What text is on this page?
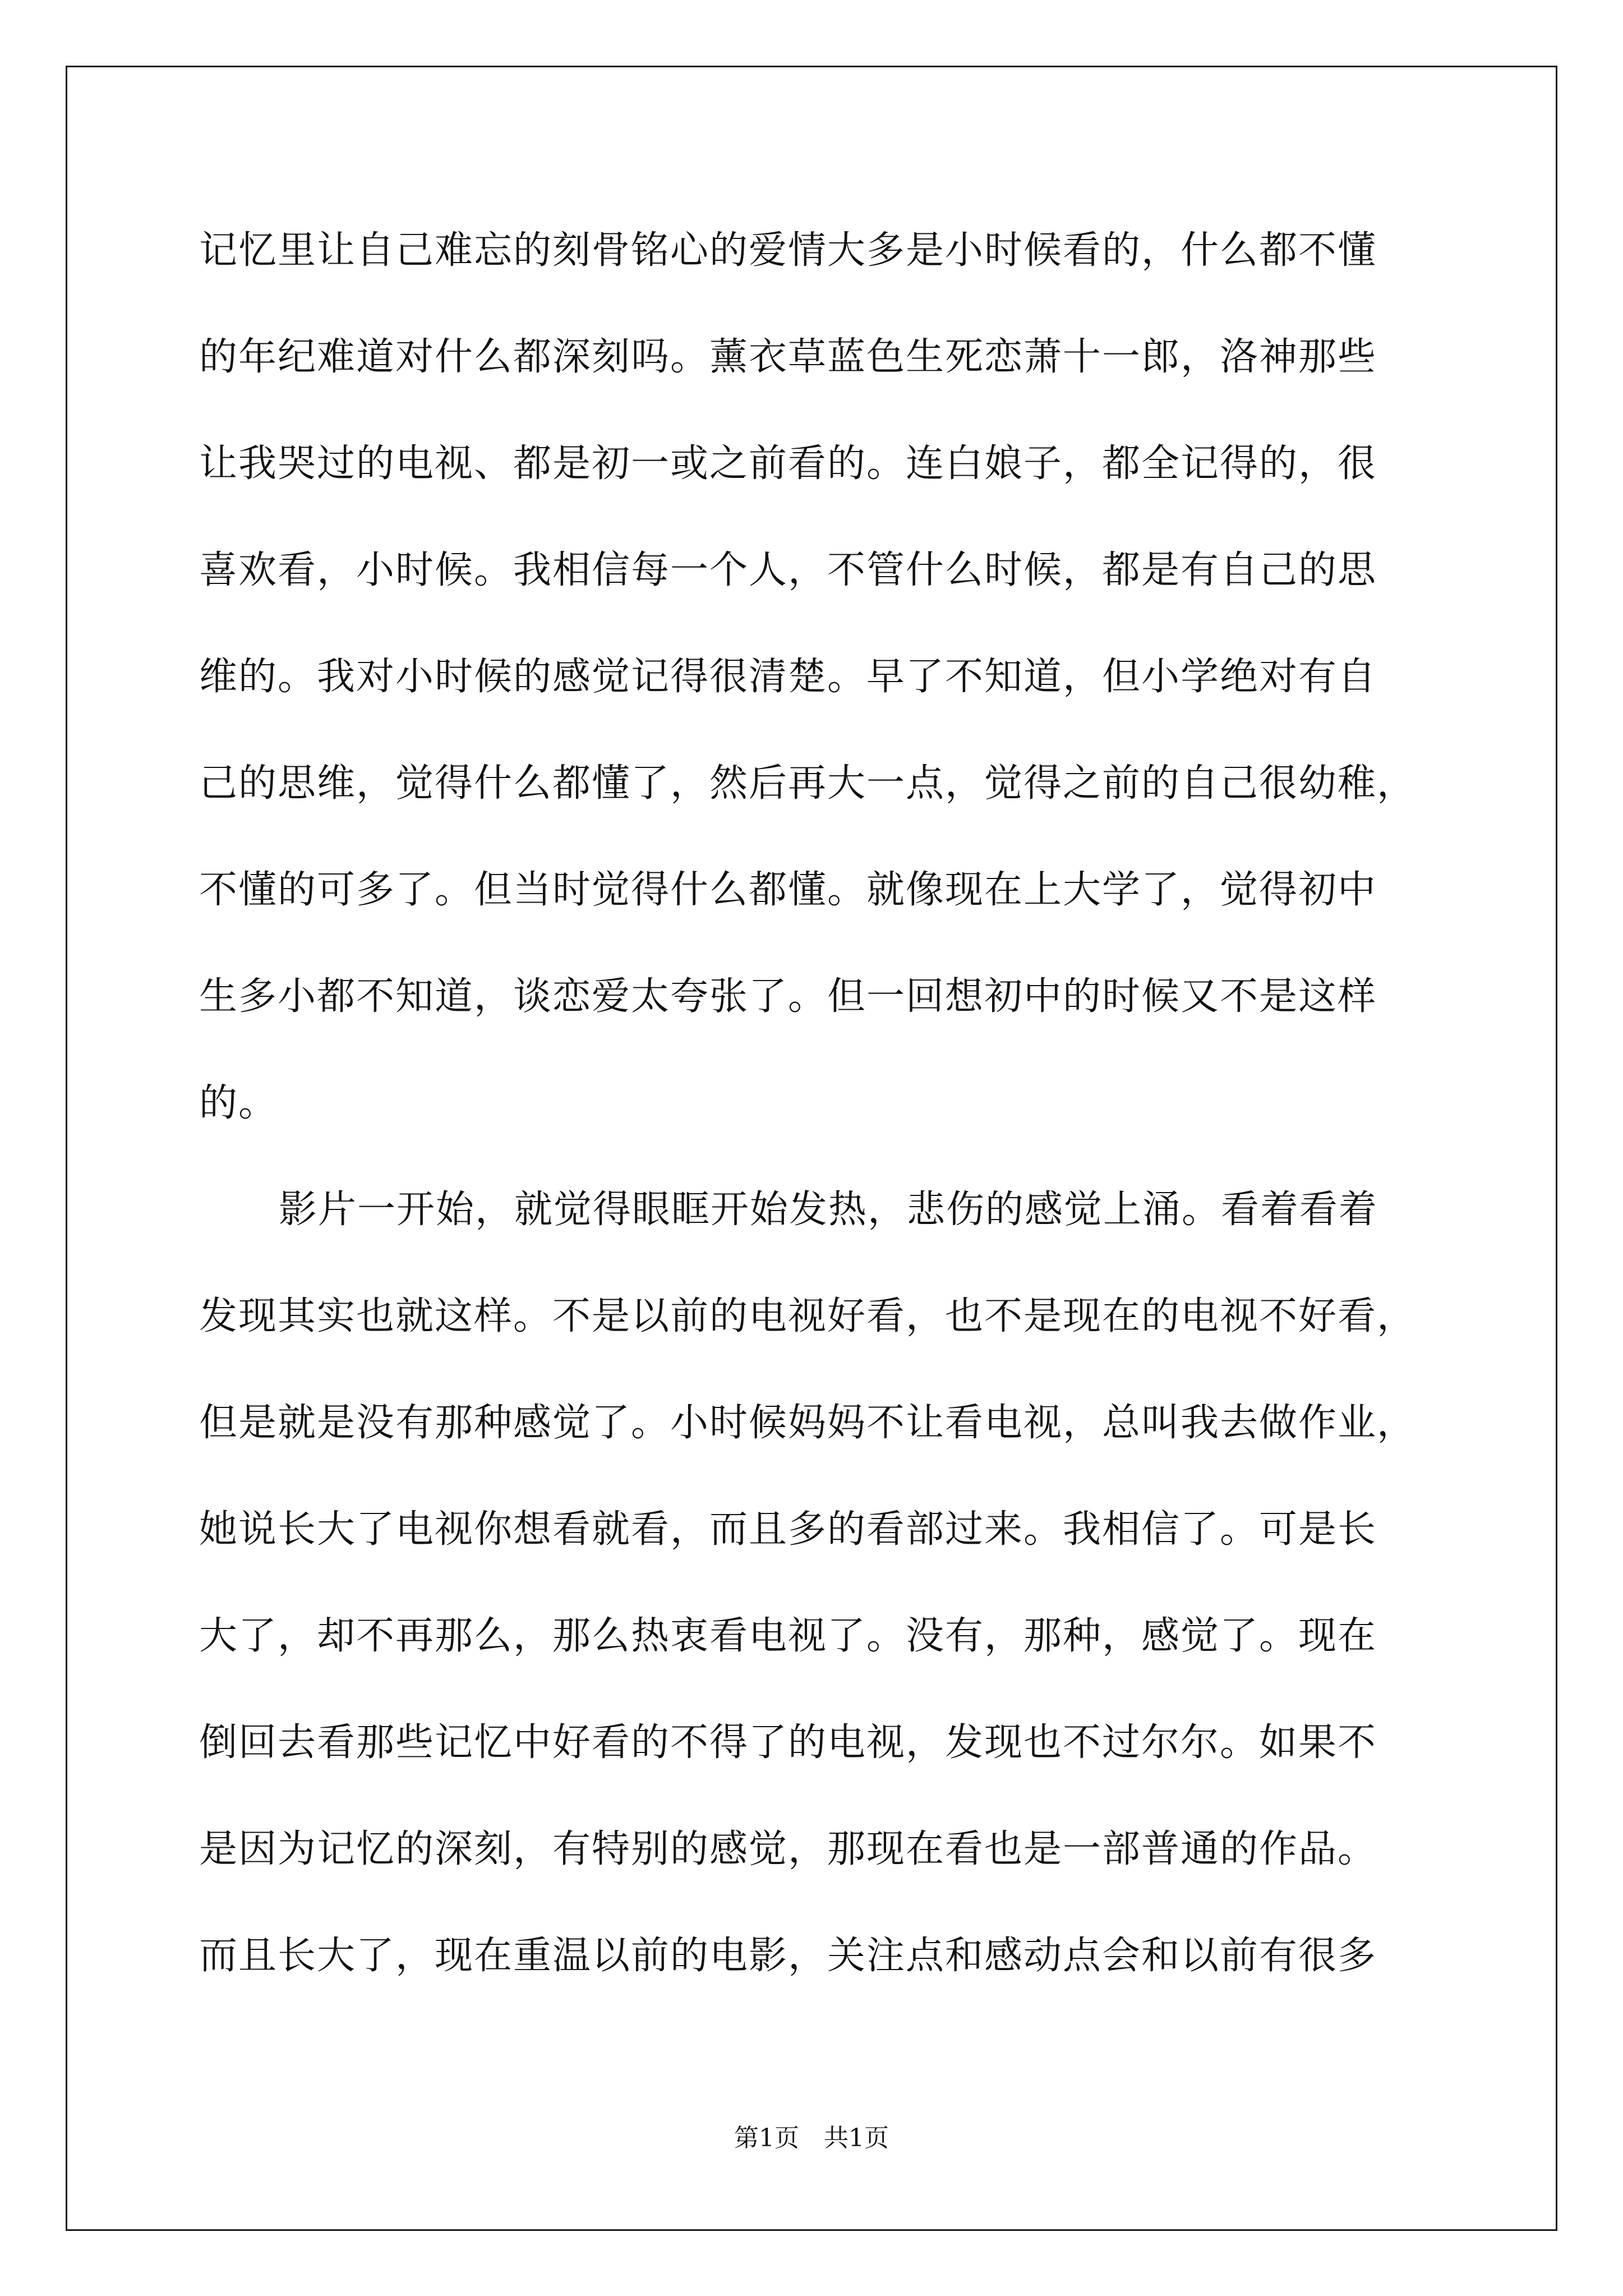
记忆里让自己难忘的刻骨铭心的爱情大多是小时候看的，什么都不懂
的年纪难道对什么都深刻吗。薰衣草蓝色生死恋萧十一郎，洛神那些
让我哭过的电视、都是初一或之前看的。连白娘子，都全记得的，很
喜欢看，小时候。我相信每一个人，不管什么时候，都是有自己的思
维的。我对小时候的感觉记得很清楚。早了不知道，但小学绝对有自
己的思维，觉得什么都懂了，然后再大一点，觉得之前的自己很幼稚，
不懂的可多了。但当时觉得什么都懂。就像现在上大学了，觉得初中
生多小都不知道，谈恋爱太夸张了。但一回想初中的时候又不是这样
的。
影片一开始，就觉得眼眶开始发热，悲伤的感觉上涌。看着看着
发现其实也就这样。不是以前的电视好看，也不是现在的电视不好看，
但是就是没有那种感觉了。小时候妈妈不让看电视，总叫我去做作业，
她说长大了电视你想看就看，而且多的看部过来。我相信了。可是长
大了，却不再那么，那么热衷看电视了。没有，那种，感觉了。现在
倒回去看那些记忆中好看的不得了的电视，发现也不过尔尔。如果不
是因为记忆的深刻，有特别的感觉，那现在看也是一部普通的作品。
而且长大了，现在重温以前的电影，关注点和感动点会和以前有很多
第1页 共1页
